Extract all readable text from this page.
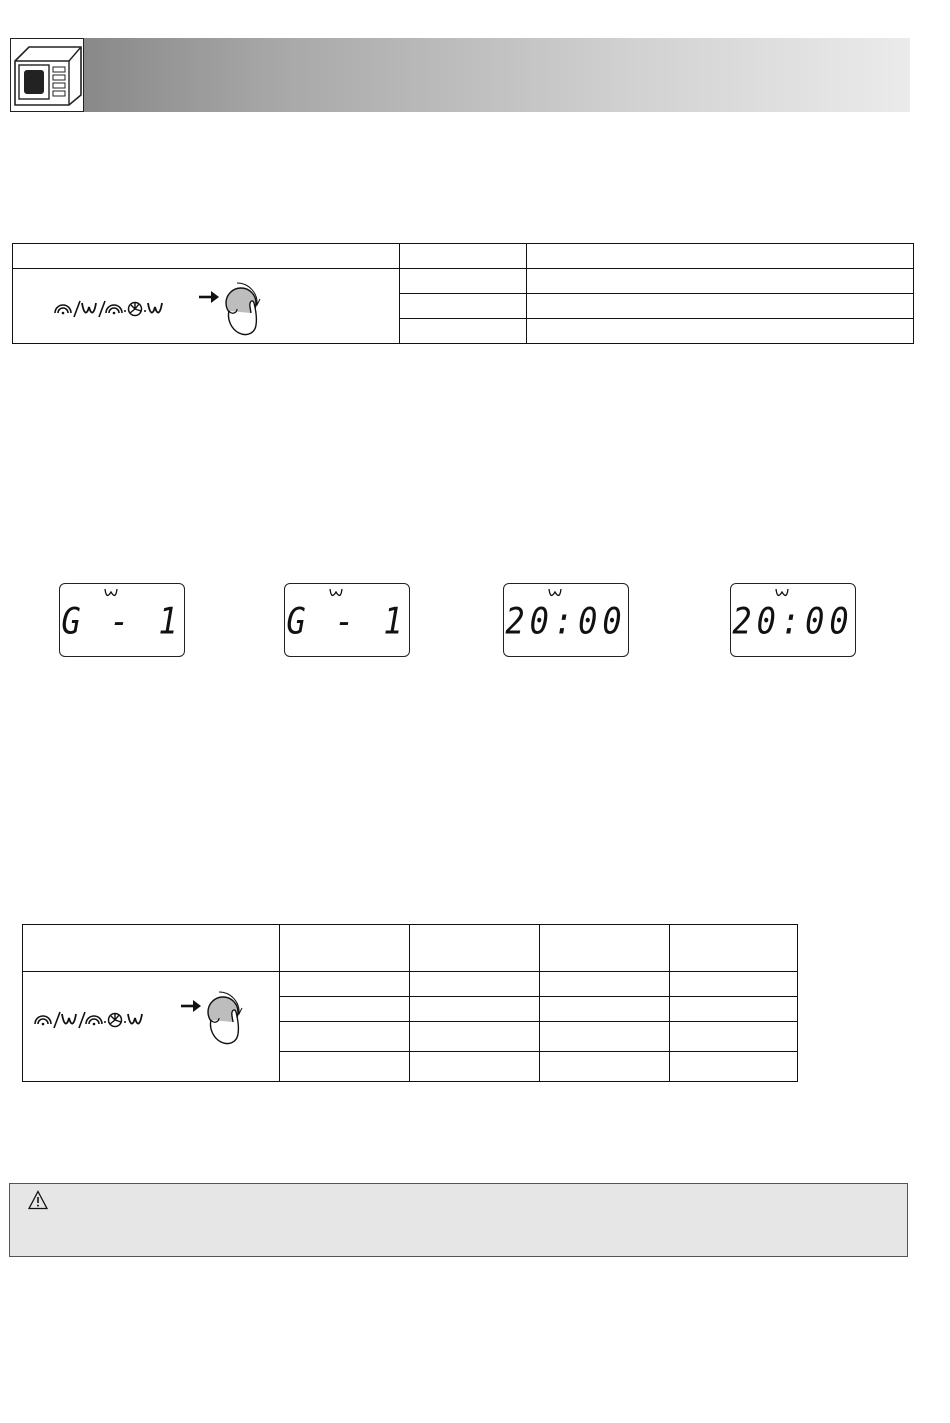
G - 1	G - 1	20:00	20:00
